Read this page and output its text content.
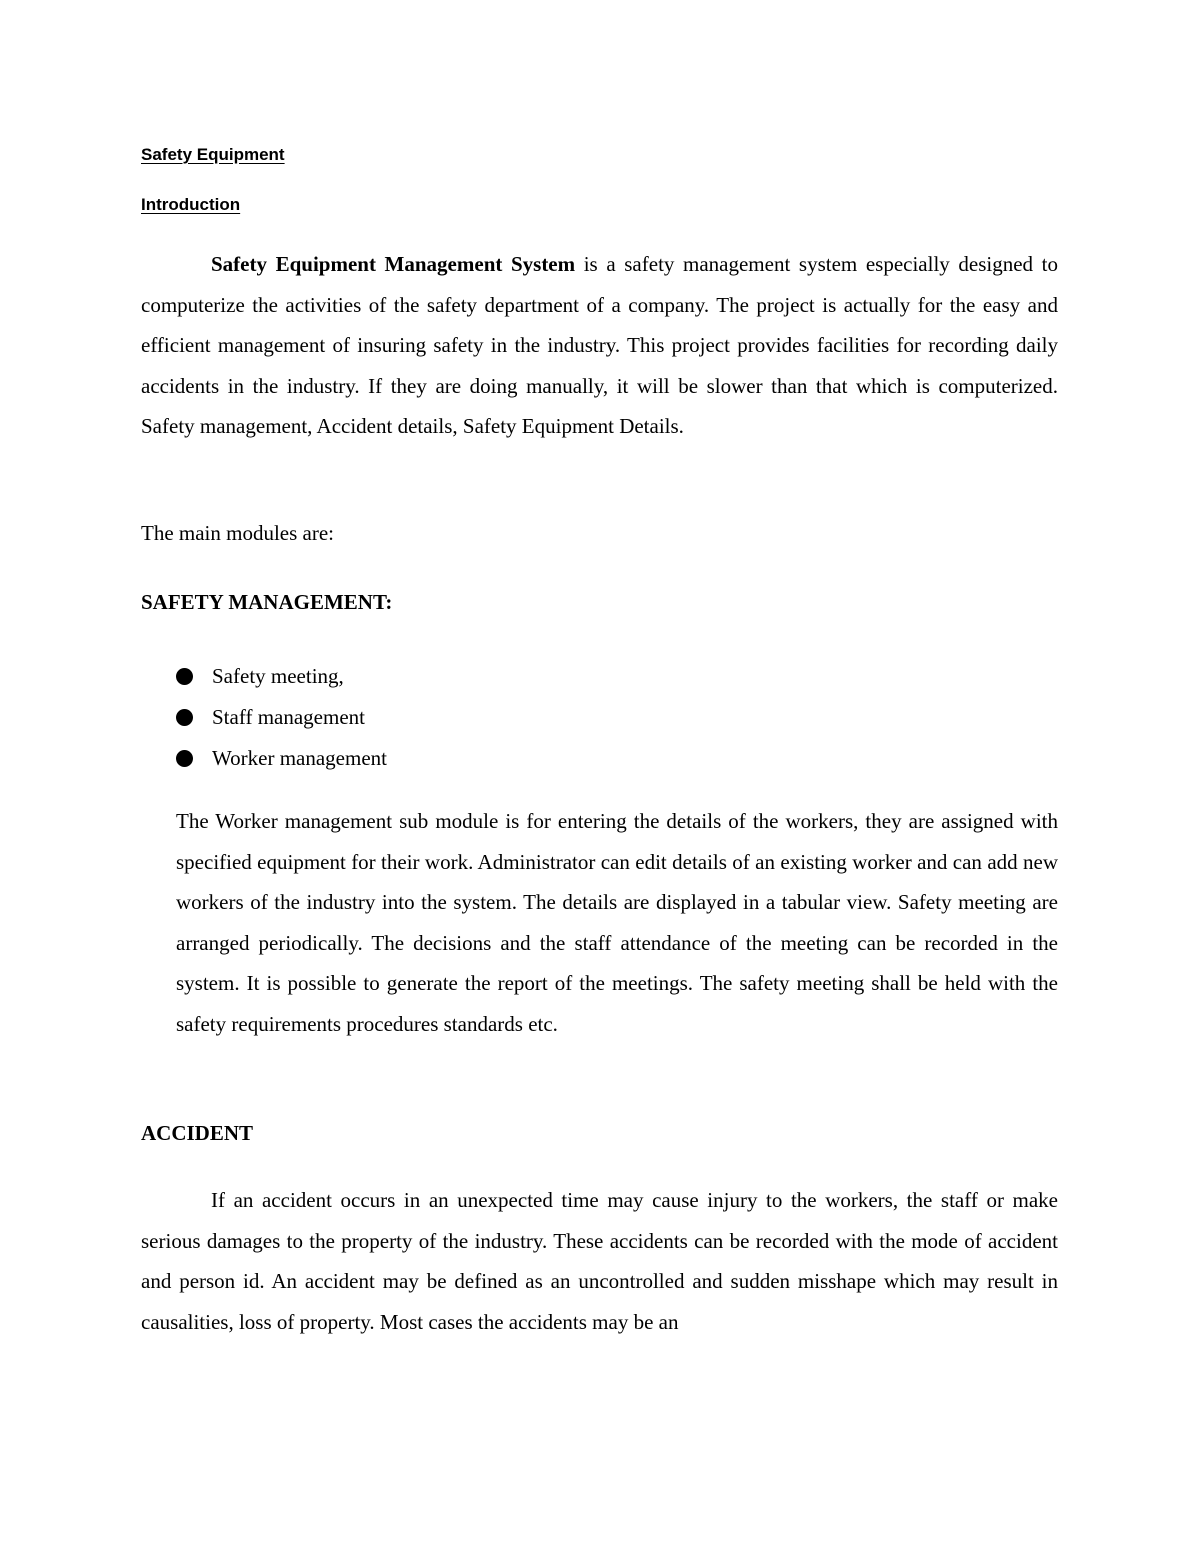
Safety Equipment
Introduction

Safety Equipment Management System is a safety management system especially designed to computerize the activities of the safety department of a company. The project is actually for the easy and efficient management of insuring safety in the industry. This project provides facilities for recording daily accidents in the industry. If they are doing manually, it will be slower than that which is computerized. Safety management, Accident details, Safety Equipment Details.

The main modules are:

SAFETY MANAGEMENT:
Safety meeting,
Staff management
Worker management

The Worker management sub module is for entering the details of the workers, they are assigned with specified equipment for their work. Administrator can edit details of an existing worker and can add new workers of the industry into the system. The details are displayed in a tabular view. Safety meeting are arranged periodically. The decisions and the staff attendance of the meeting can be recorded in the system. It is possible to generate the report of the meetings. The safety meeting shall be held with the safety requirements procedures standards etc.

ACCIDENT

If an accident occurs in an unexpected time may cause injury to the workers, the staff or make serious damages to the property of the industry. These accidents can be recorded with the mode of accident and person id. An accident may be defined as an uncontrolled and sudden misshape which may result in causalities, loss of property. Most cases the accidents may be an
